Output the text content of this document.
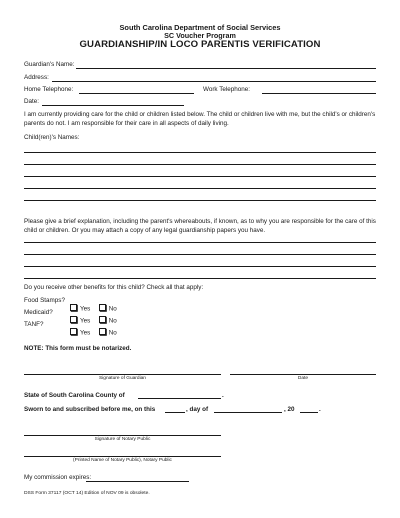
South Carolina Department of Social Services
SC Voucher Program
GUARDIANSHIP/IN LOCO PARENTIS VERIFICATION
Guardian's Name:
Address:
Home Telephone:	Work Telephone:
Date:
I am currently providing care for the child or children listed below. The child or children live with me, but the child's or children's parents do not. I am responsible for their care in all aspects of daily living.
Child(ren)'s Names:
Please give a brief explanation, including the parent's whereabouts, if known, as to why you are responsible for the care of this child or children. Or you may attach a copy of any legal guardianship papers you have.
Do you receive other benefits for this child? Check all that apply:
Food Stamps?
Yes	No
Medicaid?
Yes	No
TANF?
Yes	No
NOTE: This form must be notarized.
Signature of Guardian	Date
State of South Carolina County of	.
Sworn to and subscribed before me, on this	, day of	, 20	.
Signature of Notary Public
(Printed Name of Notary Public), Notary Public
My commission expires:
DSS Form 37117 (OCT 14) Edition of NOV 09 is obsolete.
